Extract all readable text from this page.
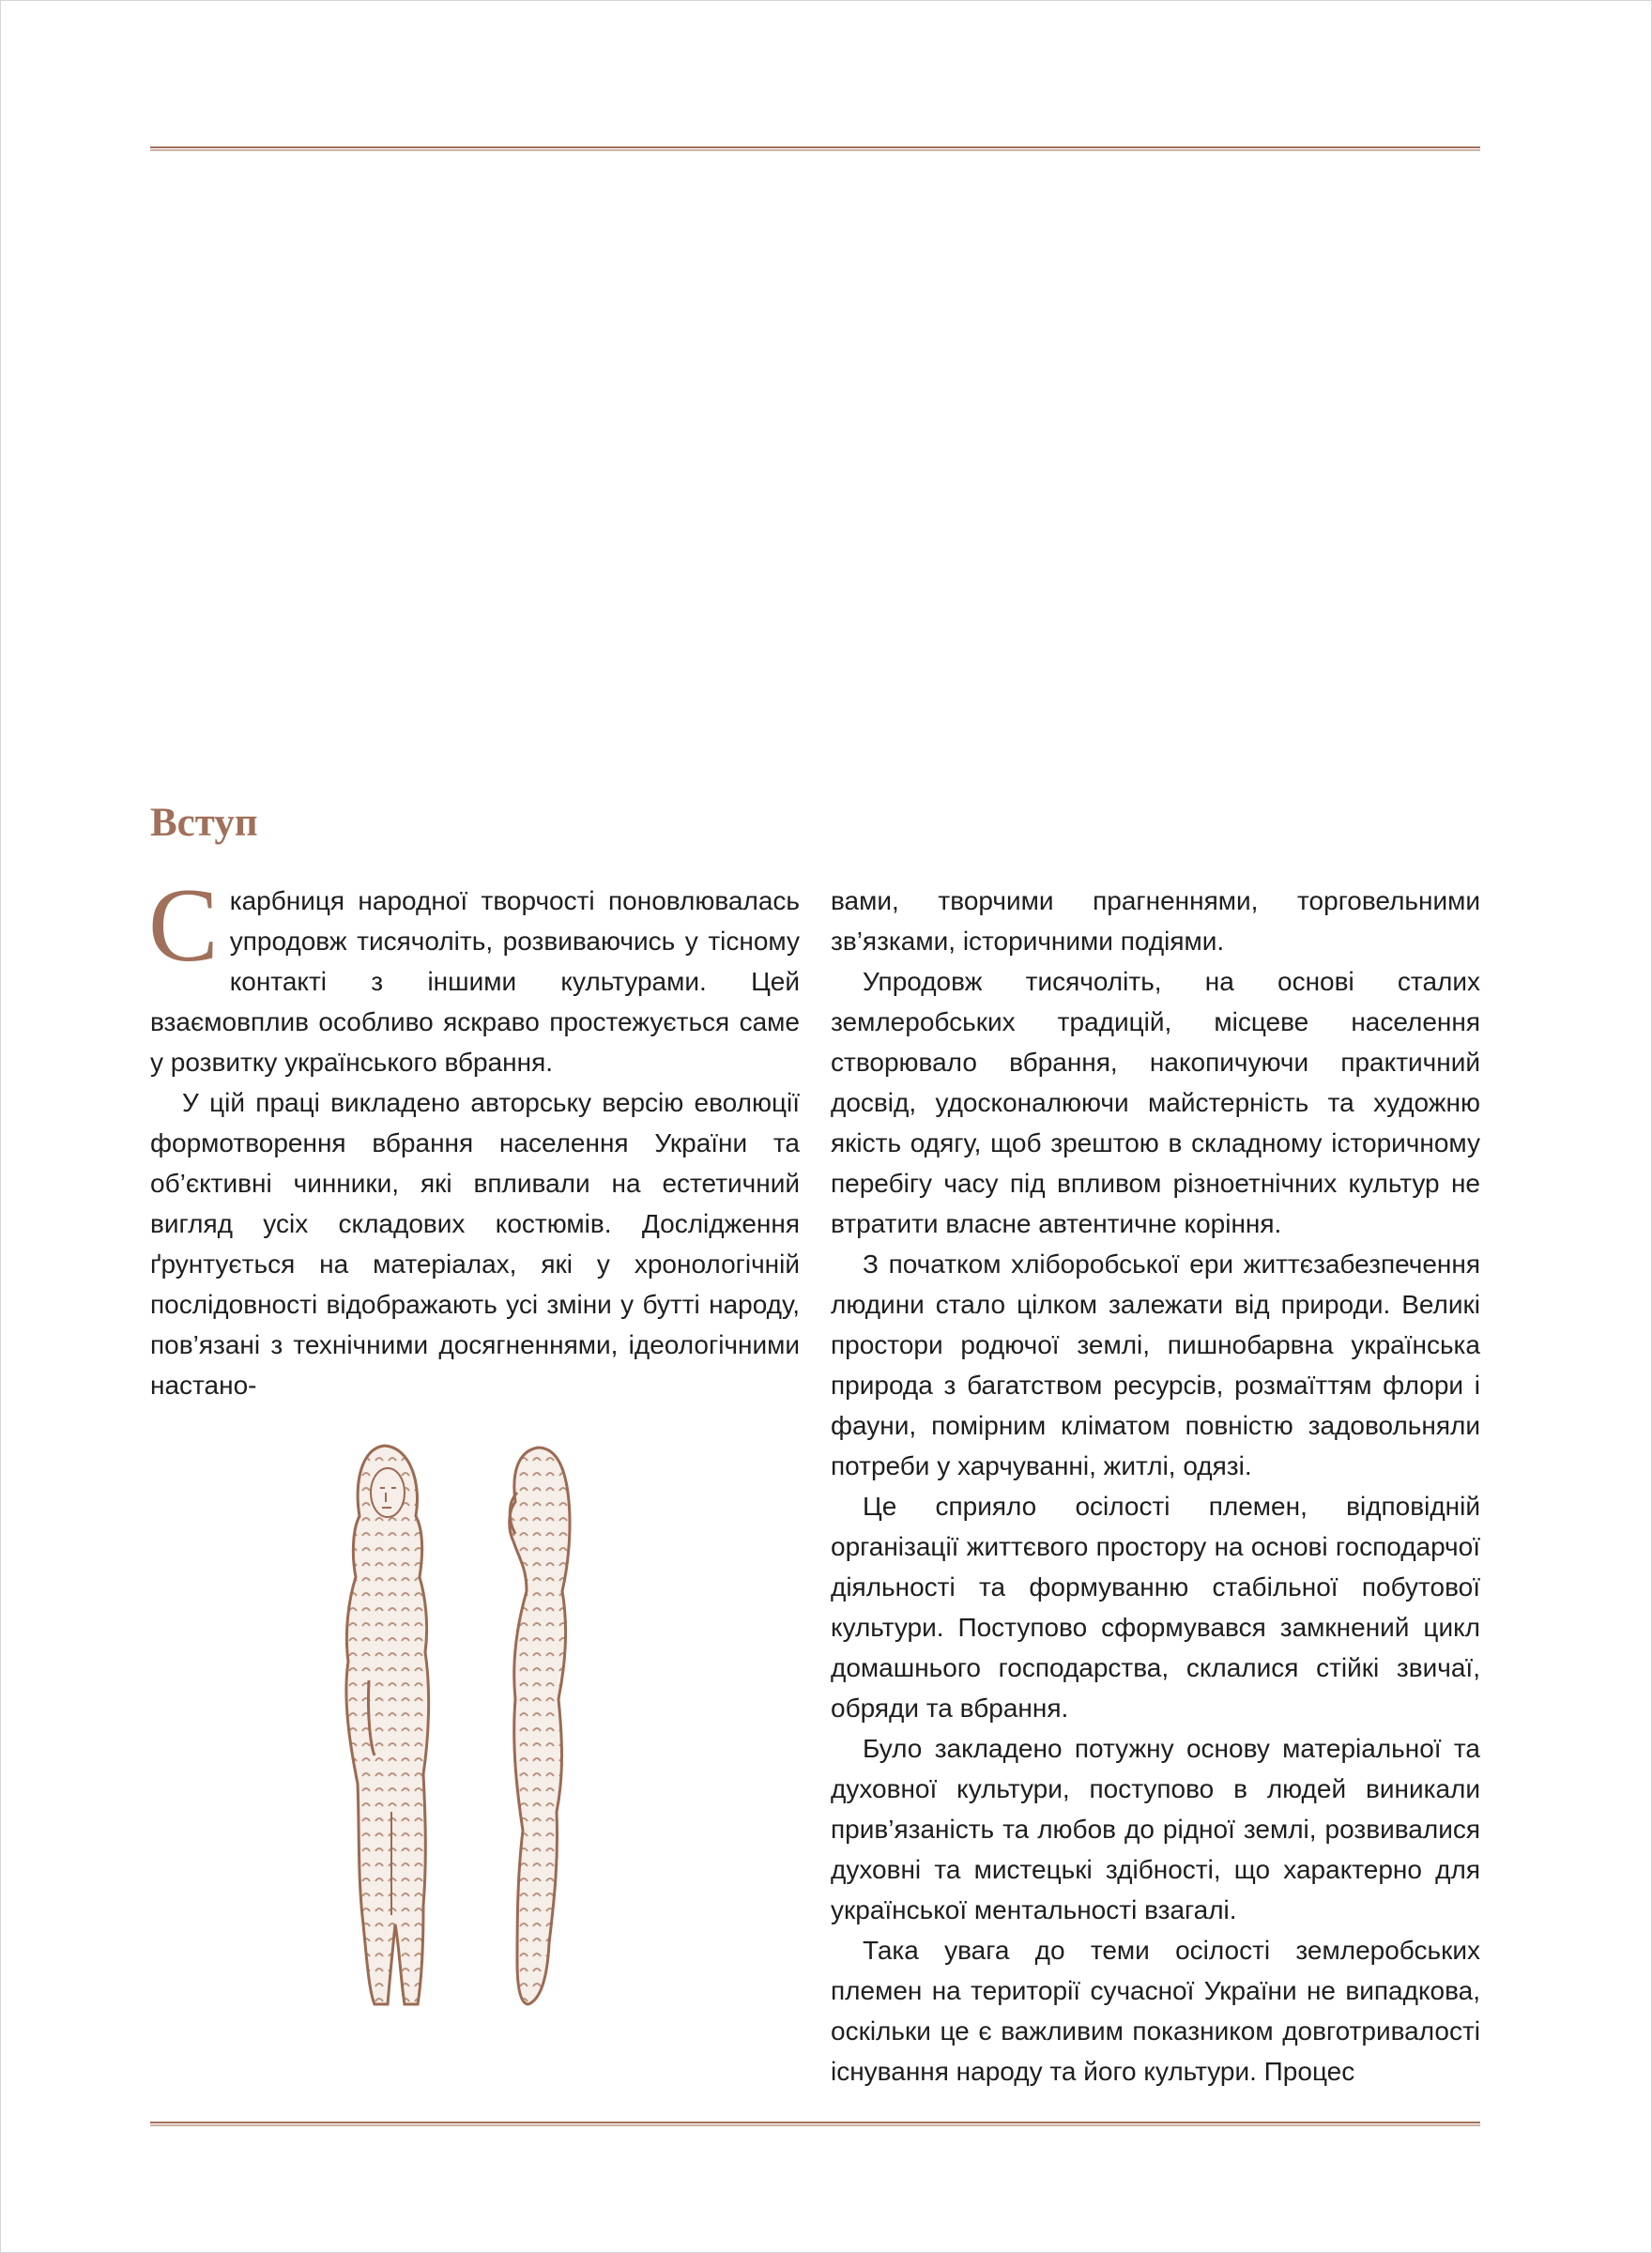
Вступ

Скарбниця народної творчості поновлювалась упродовж тисячоліть, розвиваючись у тісному контакті з іншими культурами. Цей взаємовплив особливо яскраво простежується саме у розвитку українського вбрання.

У цій праці викладено авторську версію еволюції формотворення вбрання населення України та об’єктивні чинники, які впливали на естетичний вигляд усіх складових костюмів. Дослідження ґрунтується на матеріалах, які у хронологічній послідовності відображають усі зміни у бутті народу, пов’язані з технічними досягненнями, ідеологічними настано-

вами, творчими прагненнями, торговельними зв’язками, історичними подіями.

Упродовж тисячоліть, на основі сталих землеробських традицій, місцеве населення створювало вбрання, накопичуючи практичний досвід, удосконалюючи майстерність та художню якість одягу, щоб зрештою в складному історичному перебігу часу під впливом різноетнічних культур не втратити власне автентичне коріння.

З початком хліборобської ери життєзабезпечення людини стало цілком залежати від природи. Великі простори родючої землі, пишнобарвна українська природа з багатством ресурсів, розмаїттям флори і фауни, помірним кліматом повністю задовольняли потреби у харчуванні, житлі, одязі.

Це сприяло осілості племен, відповідній організації життєвого простору на основі господарчої діяльності та формуванню стабільної побутової культури. Поступово сформувався замкнений цикл домашнього господарства, склалися стійкі звичаї, обряди та вбрання.

Було закладено потужну основу матеріальної та духовної культури, поступово в людей виникали прив’язаність та любов до рідної землі, розвивалися духовні та мистецькі здібності, що характерно для української ментальності взагалі.

Така увага до теми осілості землеробських племен на території сучасної України не випадкова, оскільки це є важливим показником довготривалості існування народу та його культури. Процес
